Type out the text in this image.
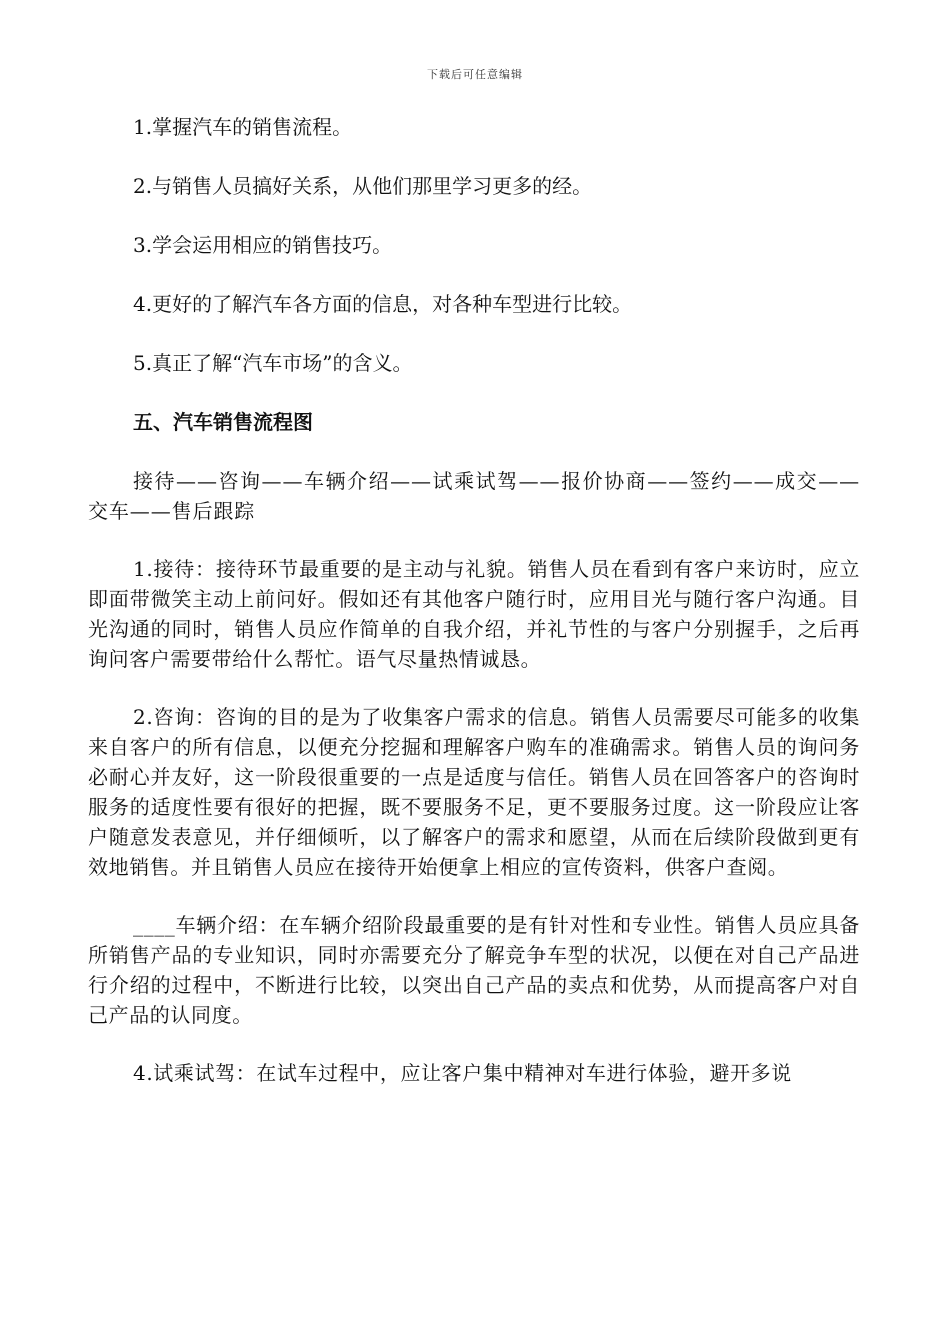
下载后可任意编辑

1.掌握汽车的销售流程。

2.与销售人员搞好关系，从他们那里学习更多的经。

3.学会运用相应的销售技巧。

4.更好的了解汽车各方面的信息，对各种车型进行比较。

5.真正了解“汽车市场”的含义。

五、汽车销售流程图

接待——咨询——车辆介绍——试乘试驾——报价协商——签约——成交——交车——售后跟踪

1.接待：接待环节最重要的是主动与礼貌。销售人员在看到有客户来访时，应立即面带微笑主动上前问好。假如还有其他客户随行时，应用目光与随行客户沟通。目光沟通的同时，销售人员应作简单的自我介绍，并礼节性的与客户分别握手，之后再询问客户需要带给什么帮忙。语气尽量热情诚恳。

2.咨询：咨询的目的是为了收集客户需求的信息。销售人员需要尽可能多的收集来自客户的所有信息，以便充分挖掘和理解客户购车的准确需求。销售人员的询问务必耐心并友好，这一阶段很重要的一点是适度与信任。销售人员在回答客户的咨询时服务的适度性要有很好的把握，既不要服务不足，更不要服务过度。这一阶段应让客户随意发表意见，并仔细倾听，以了解客户的需求和愿望，从而在后续阶段做到更有效地销售。并且销售人员应在接待开始便拿上相应的宣传资料，供客户查阅。

____车辆介绍：在车辆介绍阶段最重要的是有针对性和专业性。销售人员应具备所销售产品的专业知识，同时亦需要充分了解竞争车型的状况，以便在对自己产品进行介绍的过程中，不断进行比较，以突出自己产品的卖点和优势，从而提高客户对自己产品的认同度。

4.试乘试驾：在试车过程中，应让客户集中精神对车进行体验，避开多说
